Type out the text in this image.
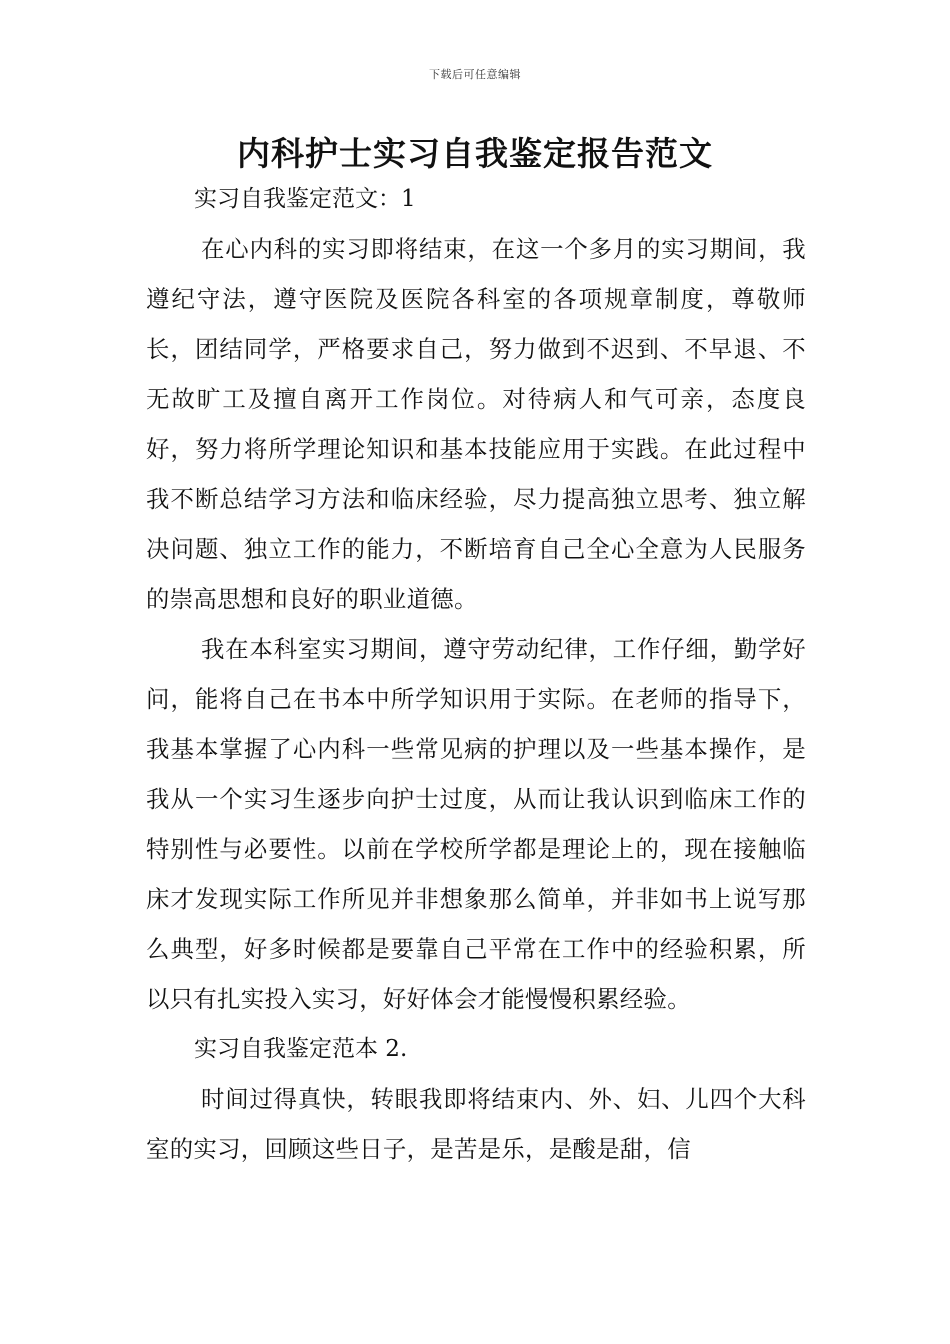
下载后可任意编辑
内科护士实习自我鉴定报告范文

实习自我鉴定范文：1

在心内科的实习即将结束，在这一个多月的实习期间，我遵纪守法，遵守医院及医院各科室的各项规章制度，尊敬师长，团结同学，严格要求自己，努力做到不迟到、不早退、不无故旷工及擅自离开工作岗位。对待病人和气可亲，态度良好，努力将所学理论知识和基本技能应用于实践。在此过程中我不断总结学习方法和临床经验，尽力提高独立思考、独立解决问题、独立工作的能力，不断培育自己全心全意为人民服务的崇高思想和良好的职业道德。

我在本科室实习期间，遵守劳动纪律，工作仔细，勤学好问，能将自己在书本中所学知识用于实际。在老师的指导下，我基本掌握了心内科一些常见病的护理以及一些基本操作，是我从一个实习生逐步向护士过度，从而让我认识到临床工作的特别性与必要性。以前在学校所学都是理论上的，现在接触临床才发现实际工作所见并非想象那么简单，并非如书上说写那么典型，好多时候都是要靠自己平常在工作中的经验积累，所以只有扎实投入实习，好好体会才能慢慢积累经验。

实习自我鉴定范本 2.

时间过得真快，转眼我即将结束内、外、妇、儿四个大科室的实习，回顾这些日子，是苦是乐，是酸是甜，信
